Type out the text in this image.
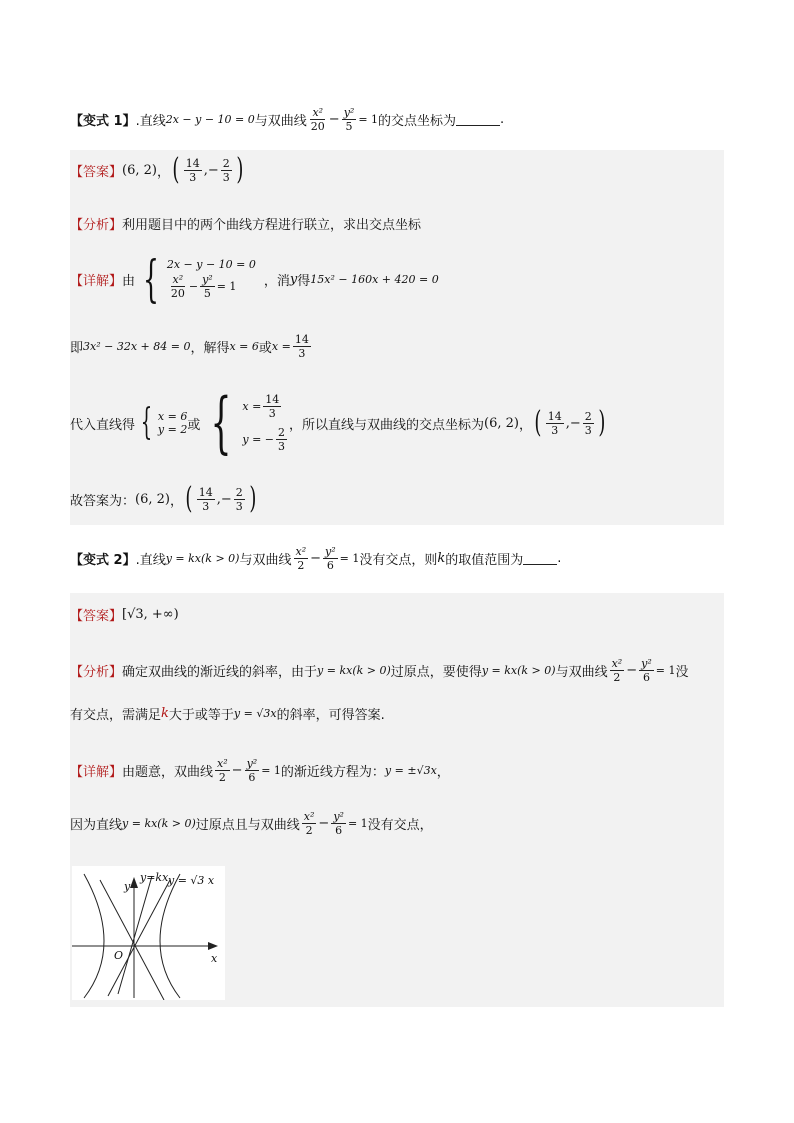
【变式 1】 .直线 2x − y − 10 = 0 与双曲线 $\frac{\text{x²}}{20} - \frac{\text{y²}}{5} = 1$ 的交点坐标为	.
【答案】 (6, 2) ， ( $\frac{14}{3}$ , − $\frac{2}{3}$ )
【分析】 利用题目中的两个曲线方程进行联立，求出交点坐标
【详解】 由 { 2x − y − 10 = 0
$\frac{\text{x²}}{20} - \frac{\text{y²}}{5} = 1$ ，消 y 得 15x² − 160x + 420 = 0
即 3x² − 32x + 84 = 0 ，解得 x = 6 或 $x = \frac{14}{3}$
代入直线得 { x = 6
y = 2 或 { $x = \frac{14}{3}$
y = − $\frac{2}{3}$
，所以直线与双曲线的交点坐标为 (6, 2) ， ( $\frac{14}{3}$ , − $\frac{2}{3}$ )
故答案为： (6, 2) ， ( $\frac{14}{3}$ , − $\frac{2}{3}$ )
【变式 2】 .直线 y = kx(k > 0) 与双曲线 $\frac{\text{x²}}{2} - \frac{\text{y²}}{6} = 1$ 没有交点，则 k 的取值范围为	.
【答案】 [√3, +∞)
【分析】 确定双曲线的渐近线的斜率，由于 y = kx(k > 0) 过原点，要使得 y = kx(k > 0) 与双曲线 $\frac{\text{x²}}{2} - \frac{\text{y²}}{6} = 1$ 没
有交点，需满足 k 大于或等于 y = √3x 的斜率，可得答案.
【详解】 由题意，双曲线 $\frac{\text{x²}}{2} - \frac{\text{y²}}{6} = 1$ 的渐近线方程为： y = ±√3x ，
因为直线 y = kx(k > 0) 过原点且与双曲线 $\frac{\text{x²}}{2} - \frac{\text{y²}}{6} = 1$ 没有交点，
y=kx y = √3 x
y
x
O
